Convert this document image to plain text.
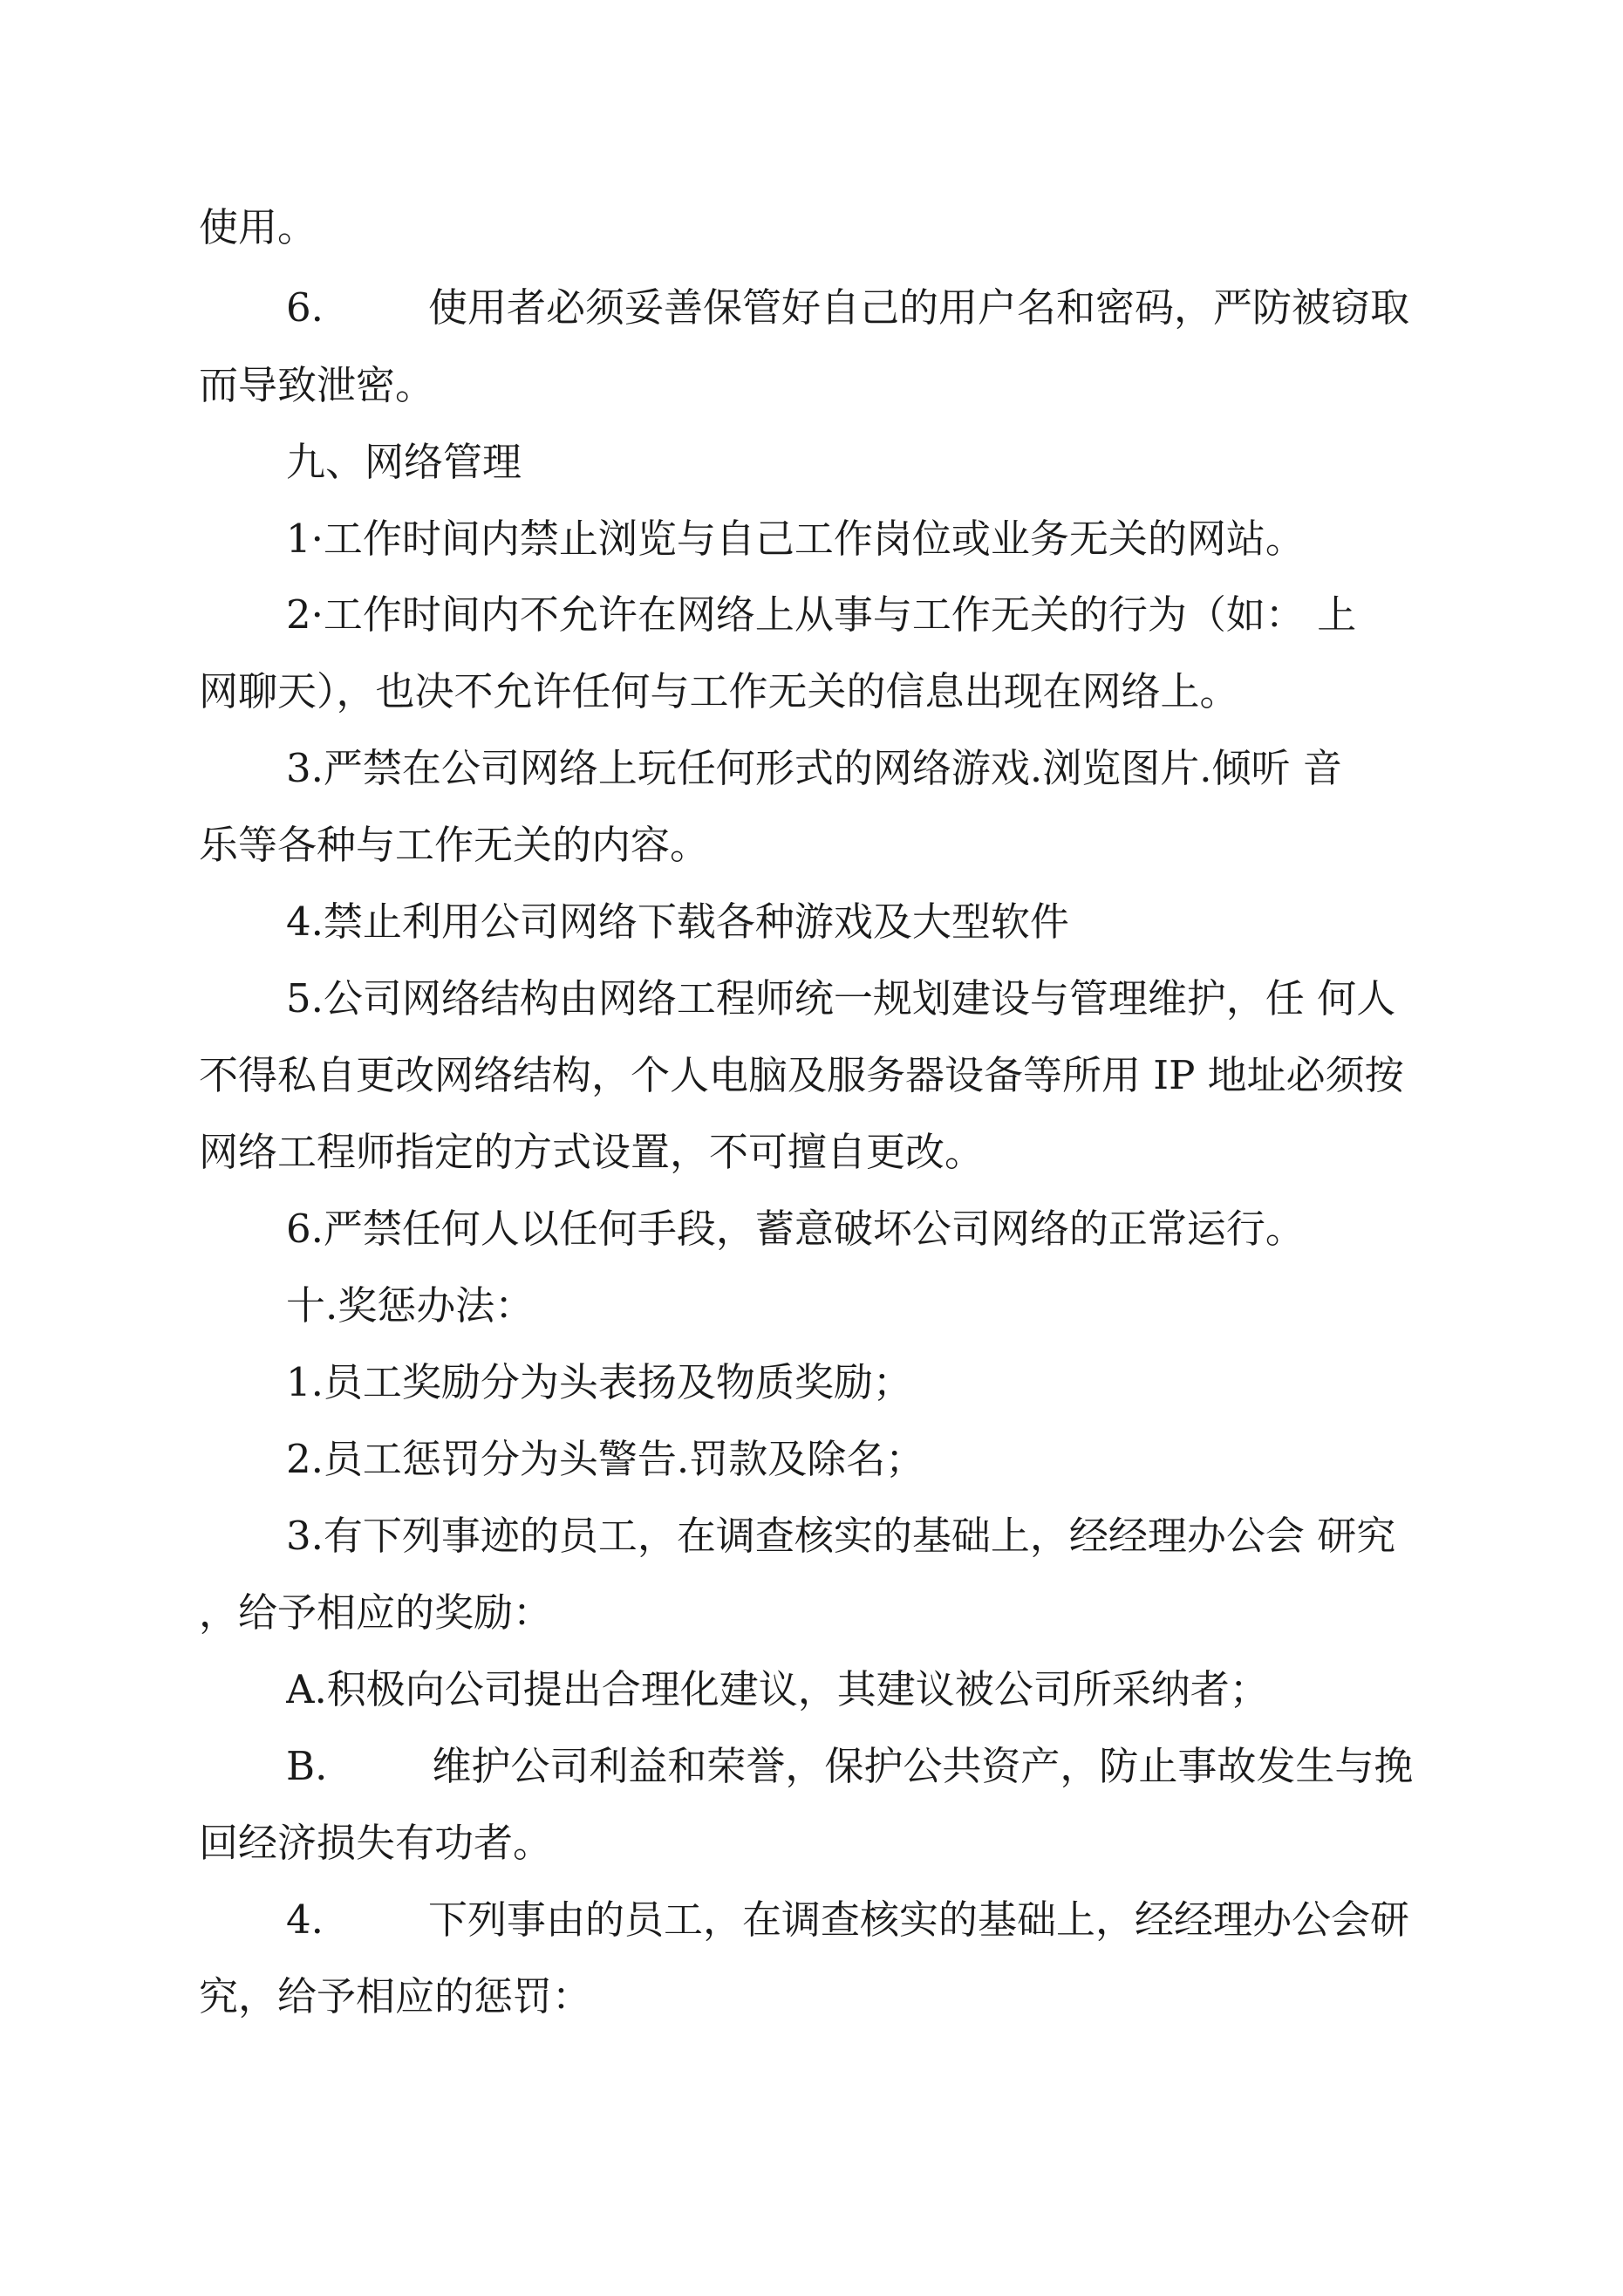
使用。
6.	使用者必须妥善保管好自己的用户名和密码，严防被窃取
而导致泄密。
九、网络管理
1·工作时间内禁止浏览与自己工作岗位或业务无关的网站。
2·工作时间内不允许在网络上从事与工作无关的行为（如： 上
网聊天），也决不允许任何与工作无关的信息出现在网络上。
3.严禁在公司网络上玩任何形式的网络游戏.浏览图片.倾听 音
乐等各种与工作无关的内容。
4.禁止利用公司网络下载各种游戏及大型软件
5.公司网络结构由网络工程师统一规划建设与管理维护，任 何人
不得私自更改网络结构，个人电脑及服务器设备等所用 IP 地址必须按
网络工程师指定的方式设置，不可擅自更改。
6.严禁任何人以任何手段，蓄意破坏公司网络的正常运行。
十.奖惩办法：
1.员工奖励分为头表扬及物质奖励；
2.员工惩罚分为头警告.罚款及除名；
3.有下列事迹的员工，在调查核实的基础上，经经理办公会 研究
，给予相应的奖励：
A.积极向公司提出合理化建议，其建议被公司所采纳者；
B.	维护公司利益和荣誉，保护公共资产，防止事故发生与挽
回经济损失有功者。
4.	下列事由的员工，在调查核实的基础上，经经理办公会研
究，给予相应的惩罚：
